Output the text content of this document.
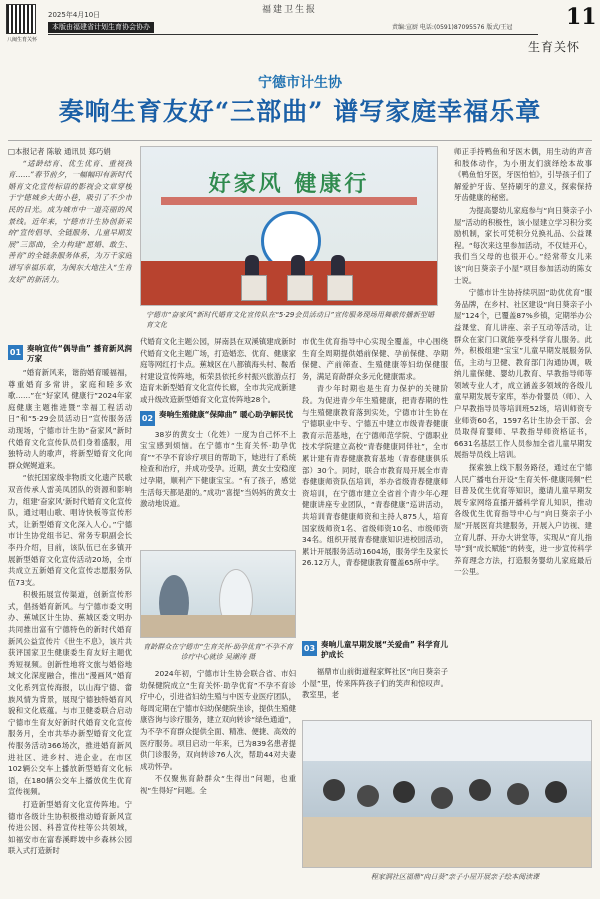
八闽生育关怀
福建卫生报
2025年4月10日
本版由福建省计划生育协会协办	责编:宣厨 电话:(0591)87095576 版式/王冠 11
生育关怀
宁德市计生协
奏响生育友好“三部曲” 谱写家庭幸福乐章
□本报记者 陈敏 通讯员 郑巧娟
“适龄结育、优生优育、重视孩育……”春节前夕，一幅幅印有新时代婚育文化宣传标语的影视会文章穿梭于宁德城乡大街小巷，吸引了不少市民的目光。成为城市中一道亮丽的风景线。近年来，宁德市计生协创新采纳“宣传倡导、全链服务、儿童早期发展”三部曲，全力构建“愿婚、敢生、善育”的全链条服务体系，为万千家庭谱写幸福乐章，为闽东大地注入“生育友好”的新活力。
好家风 健康行
宁德市“奋家风”新时代婚育文化宣传队在“5·29会员活动日”宣传服务现场用舞歌传播新型婚育文化
01 奏响宣传“偶导曲” 播育新风润万家

“婚育新风来，谐韵婚育暖福福，尊重婚育多常讲，家庭和睦多欢歌……”在“好家风 健康行”2024年家庭健康主题推进暨“幸福工程活动日”和“5·29会员活动日”宣传服务活动现场，宁德市计生协“奋家风”新时代婚育文化宣传队员们身着盛服，用独特动人的歌声，将新型婚育文化向群众娓娓道来。

“依托国家级非物质文化遗产民歌双音传承人雷美凤团队的资源和影响力，组建‘奋家风’新时代婚育文化宣传队，通过唱山歌、唱诗快板等宣传形式，让新型婚育文化深入人心。”宁德市计生协党组书记、常务专职副会长李丹介绍，目前，该队伍已在多镇开展新型婚育文化宣传活动20场，全市共成立五新婚育文化宣传志愿服务队伍73支。

积极拓展宣传渠道，创新宣传形式，倡扬婚育新风。与宁德市委文明办、蕉城区计生协、蕉城区委文明办共同推出富有宁德特色的新时代婚育新风公益宣传片《世生不息》，该片共获评国家卫生健康委生育友好主题优秀短视频。创新性地将文旅与婚俗地域文化深度融合，推出“漫画风”婚育文化系列宣传海报，以山海宁德、畲族风情为背景，展现宁德独特婚育风貌和文化底蕴。与市卫健委联合启动宁德市生育友好新时代婚育文化宣传服务月，全市共举办新型婚育文化宣传服务活动366场次，推进婚育新风进社区、进乡村、进企业。在市区102辆公交车上播放新型婚育文化标语，在180辆公交车上播放优生优育宣传视频。

打造新型婚育文化宣传阵地。宁德市各级计生协积极推动婚育新风宣传进公园、科普宣传柱等公共领域，如福安市在富春溪畔坡中乡森林公园联入式打造新时

代婚育文化主题公园，屏南县在双溪镇建成新时代婚育文化主题广场，打造婚恋、优育、健康家庭等网红打卡点。蕉城区在八都镇海头村、鞍盾村建设宣传阵地，柘荣县依托乡村振兴旅游点打造育未新型婚育文化宣传长廊，全市共完成新建或升级改造新型婚育文化宣传阵地28个。

02 奏响生殖健康“保障曲” 暖心助孕解民忧

38岁的黄女士（化姓）一度为自己怀不上宝宝感到烦恼。在宁德市“生育关怀·助孕优育”“不孕不育诊疗项目的帮助下，她进行了系统检查和治疗，并成功受孕。近期，黄女士安稳度过孕期，顺利产下健康宝宝。“有了孩子，感觉生活每天都是甜的。”成功“喜提”当妈妈的黄女士激动地说道。

育龄群众在宁德市“生育关怀·助孕优育”不孕不育诊疗中心就诊 吴潮涛 摄

2024年初，宁德市计生协会联合省、市妇幼保健院成立“生育关怀·助孕优育”不孕不育诊疗中心，引进省妇幼生殖与中医专业医疗团队，每周定期在宁德市妇幼保健院坐诊，提供生殖健康咨询与诊疗服务，建立双向转诊“绿色通道”，为不孕不育群众提供全面、精准、便捷、高效的医疗服务。项目启动一年来，已为839名患者提供门诊服务，双向转诊76人次，帮助44对夫妻成功怀孕。

不仅聚焦育龄群众“生得出”问题，也重视“生得好”问题。全

市优生优育指导中心实现全覆盖，中心围绕生育全周期提供婚前保健、孕前保健、孕期保健、产前筛查、生殖健康等妇幼保健服务，满足育龄群众多元化健康需求。

青少年时期也是生育力保护的关键阶段。为促进青少年生殖健康，把青春期的性与生殖健康教育落到实处，宁德市计生协在宁德职业中专、宁德五中建立市级青春健康教育示范基地，在宁德师范学院、宁德职业技术学院建立高校“青春健康同伴社”，全市累计建有青春健康教育基地（青春健康俱乐部）30个。同时，联合市教育局开展全市青春健康师资队伍培训，举办省级青春健康师资培训，在宁德市建立全省首个青少年心理健康讲座专业团队，“青春健康”巡讲活动，共培训青春健康师资和主持人875人，培育国家级师资1名、省级师资10名、市级师资34名。组织开展青春健康知识进校园活动，累计开展服务活动1604场，服务学生及家长26.12万人，青春健康教育覆盖65所中学。

03 奏响儿童早期发展“关爱曲” 科学育儿护成长

福鼎市山前街道程家辉社区“向日葵亲子小屋”里，传来阵阵孩子们的笑声和惊叹声。教室里，老

师正手持鸭鱼和牙医木偶，用生动的声音和肢体动作，为小朋友们演绎绘本故事《鸭鱼怕牙医，牙医怕怕》，引导孩子们了解爱护牙齿、坚持刷牙的意义，探索保持牙齿健康的秘密。

为提高婴幼儿家庭参与“向日葵亲子小屋”活动的积极性，该小屋建立学习积分奖励机制，家长可凭积分兑换礼品、公益课程。“每次来这里参加活动，不仅娃开心，我们当父母的也很开心。”经常带女儿来该“向日葵亲子小屋”项目参加活动的陈女士说。

宁德市计生协持续巩固“助优优育”服务品牌，在乡村、社区建设“向日葵亲子小屋”124个，已覆盖87%乡镇，定期举办公益课堂、育儿讲座、亲子互动等活动，让群众在家门口就能享受科学育儿服务。此外，积极组建“宝宝”儿童早期发展服务队伍，主动与卫健、教育部门沟通协调，吸纳儿童保健、婴幼儿教育、早教指导师等领域专业人才，成立涵盖多领域的各级儿童早期发展专家库，举办骨婴员（师）、入户早教指导员等培训班52场，培训师资专业师资60名，1597名计生协会干部、会员取得育婴师、早教指导师资格证书，6631名基层工作人员参加全省儿童早期发展指导员线上培训。

探索独上线下服务路径，通过在宁德人民广播电台开设“生育关怀·健康同频”栏目普及优生优育等知识，邀请儿童早期发展专家网络直播开播科学育儿知识，推动各级优生优育指导中心与“向日葵亲子小屋”开展医育共建服务，开展入户访视、建立育儿群、开办大讲堂等，实现从“育儿指导”到“成长赋能”的转变，进一步宣传科学养育理念方法，打造服务婴幼儿家庭最后一公里。

程家洞社区福鼎“向日葵”亲子小屋开展亲子绘本阅读课
